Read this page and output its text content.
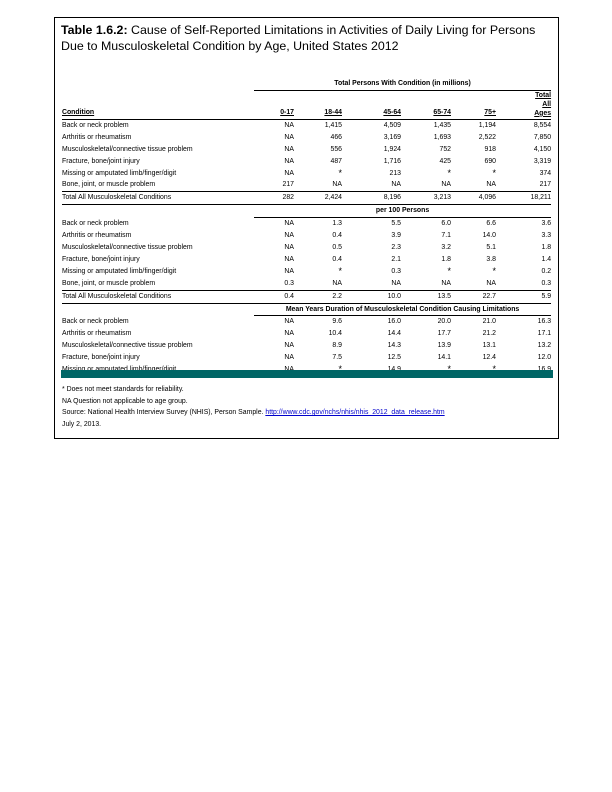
Table 1.6.2: Cause of Self-Reported Limitations in Activities of Daily Living for Persons Due to Musculoskeletal Condition by Age, United States 2012
	Total Persons With Condition (in millions)					
Condition	0-17	18-44	45-64	65-74	75+	Total
All
Ages

Back or neck problem	NA	1,415	4,509	1,435	1,194	8,554
Arthritis or rheumatism	NA	466	3,169	1,693	2,522	7,850
Musculoskeletal/connective tissue problem	NA	556	1,924	752	918	4,150
Fracture, bone/joint injury	NA	487	1,716	425	690	3,319
Missing or amputated limb/finger/digit	NA	*	213	*	*	374
Bone, joint, or muscle problem	217	NA	NA	NA	NA	217
Total All Musculoskeletal Conditions	282	2,424	8,196	3,213	4,096	18,211
	per 100 Persons					
Back or neck problem	NA	1.3	5.5	6.0	6.6	3.6
Arthritis or rheumatism	NA	0.4	3.9	7.1	14.0	3.3
Musculoskeletal/connective tissue problem	NA	0.5	2.3	3.2	5.1	1.8
Fracture, bone/joint injury	NA	0.4	2.1	1.8	3.8	1.4
Missing or amputated limb/finger/digit	NA	*	0.3	*	*	0.2
Bone, joint, or muscle problem	0.3	NA	NA	NA	NA	0.3
Total All Musculoskeletal Conditions	0.4	2.2	10.0	13.5	22.7	5.9
	Mean Years Duration of Musculoskeletal Condition Causing Limitations					
Back or neck problem	NA	9.6	16.0	20.0	21.0	16.3
Arthritis or rheumatism	NA	10.4	14.4	17.7	21.2	17.1
Musculoskeletal/connective tissue problem	NA	8.9	14.3	13.9	13.1	13.2
Fracture, bone/joint injury	NA	7.5	12.5	14.1	12.4	12.0

* Does not meet standards for reliability.
NA Question not applicable to age group.
Source: National Health Interview Survey (NHIS), Person Sample. http://www.cdc.gov/nchs/nhis/nhis_2012_data_release.htm
July 2, 2013.
